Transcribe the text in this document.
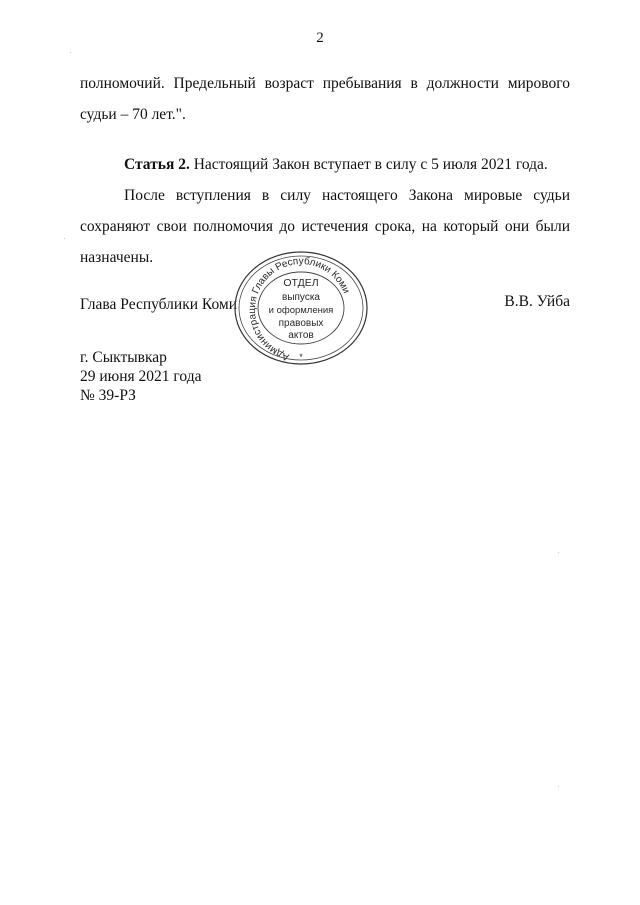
2
полномочий. Предельный возраст пребывания в должности мирового
судьи – 70 лет.".
Статья 2. Настоящий Закон вступает в силу с 5 июля 2021 года.
После вступления в силу настоящего Закона мировые судьи сохраняют свои полномочия до истечения срока, на который они были назначены.
Глава Республики Коми	В.В. Уйба
Администрация Главы Республики Коми
ОТДЕЛ
выпуска
и оформления
правовых
актов
*
г. Сыктывкар
29 июня 2021 года
№ 39-РЗ
